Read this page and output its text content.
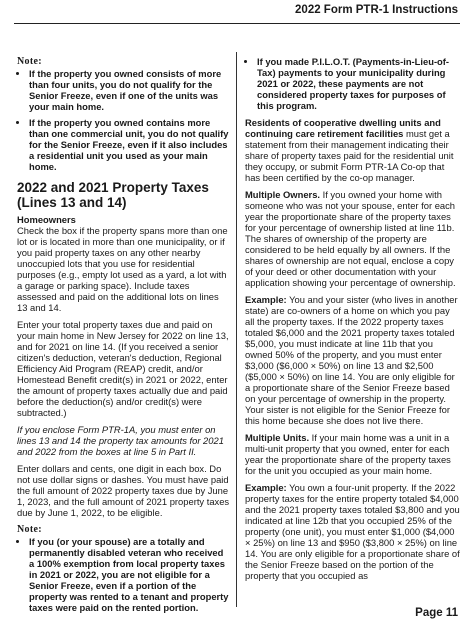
2022 Form PTR-1 Instructions
Note:
• If the property you owned consists of more than four units, you do not qualify for the Senior Freeze, even if one of the units was your main home.
• If the property you owned contains more than one commercial unit, you do not qualify for the Senior Freeze, even if it also includes a residential unit you used as your main home.
2022 and 2021 Property Taxes (Lines 13 and 14)
Homeowners

Check the box if the property spans more than one lot or is located in more than one municipality, or if you paid property taxes on any other nearby unoccupied lots that you use for residential purposes (e.g., empty lot used as a yard, a lot with a garage or parking space). Include taxes assessed and paid on the additional lots on lines 13 and 14.

Enter your total property taxes due and paid on your main home in New Jersey for 2022 on line 13, and for 2021 on line 14. (If you received a senior citizen's deduction, veteran's deduction, Regional Efficiency Aid Program (REAP) credit, and/or Homestead Benefit credit(s) in 2021 or 2022, enter the amount of property taxes actually due and paid before the deduction(s) and/or credit(s) were subtracted.)

If you enclose Form PTR-1A, you must enter on lines 13 and 14 the property tax amounts for 2021 and 2022 from the boxes at line 5 in Part II.

Enter dollars and cents, one digit in each box. Do not use dollar signs or dashes. You must have paid the full amount of 2022 property taxes due by June 1, 2023, and the full amount of 2021 property taxes due by June 1, 2022, to be eligible.

Note:
• If you (or your spouse) are a totally and permanently disabled veteran who received a 100% exemption from local property taxes in 2021 or 2022, you are not eligible for a Senior Freeze, even if a portion of the property was rented to a tenant and property taxes were paid on the rented portion.
• If you made P.I.L.O.T. (Payments-in-Lieu-of-Tax) payments to your municipality during 2021 or 2022, these payments are not considered property taxes for purposes of this program.

Residents of cooperative dwelling units and continuing care retirement facilities must get a statement from their management indicating their share of property taxes paid for the residential unit they occupy, or submit Form PTR-1A Co-op that has been certified by the co-op manager.

Multiple Owners. If you owned your home with someone who was not your spouse, enter for each year the proportionate share of the property taxes for your percentage of ownership listed at line 11b. The shares of ownership of the property are considered to be held equally by all owners. If the shares of ownership are not equal, enclose a copy of your deed or other documentation with your application showing your percentage of ownership.

Example: You and your sister (who lives in another state) are co-owners of a home on which you pay all the property taxes. If the 2022 property taxes totaled $6,000 and the 2021 property taxes totaled $5,000, you must indicate at line 11b that you owned 50% of the property, and you must enter $3,000 ($6,000 × 50%) on line 13 and $2,500 ($5,000 × 50%) on line 14. You are only eligible for a proportionate share of the Senior Freeze based on your percentage of ownership in the property. Your sister is not eligible for the Senior Freeze for this home because she does not live there.

Multiple Units. If your main home was a unit in a multi-unit property that you owned, enter for each year the proportionate share of the property taxes for the unit you occupied as your main home.

Example: You own a four-unit property. If the 2022 property taxes for the entire property totaled $4,000 and the 2021 property taxes totaled $3,800 and you indicated at line 12b that you occupied 25% of the property (one unit), you must enter $1,000 ($4,000 × 25%) on line 13 and $950 ($3,800 × 25%) on line 14. You are only eligible for a proportionate share of the Senior Freeze based on the portion of the property that you occupied as

Page 11
